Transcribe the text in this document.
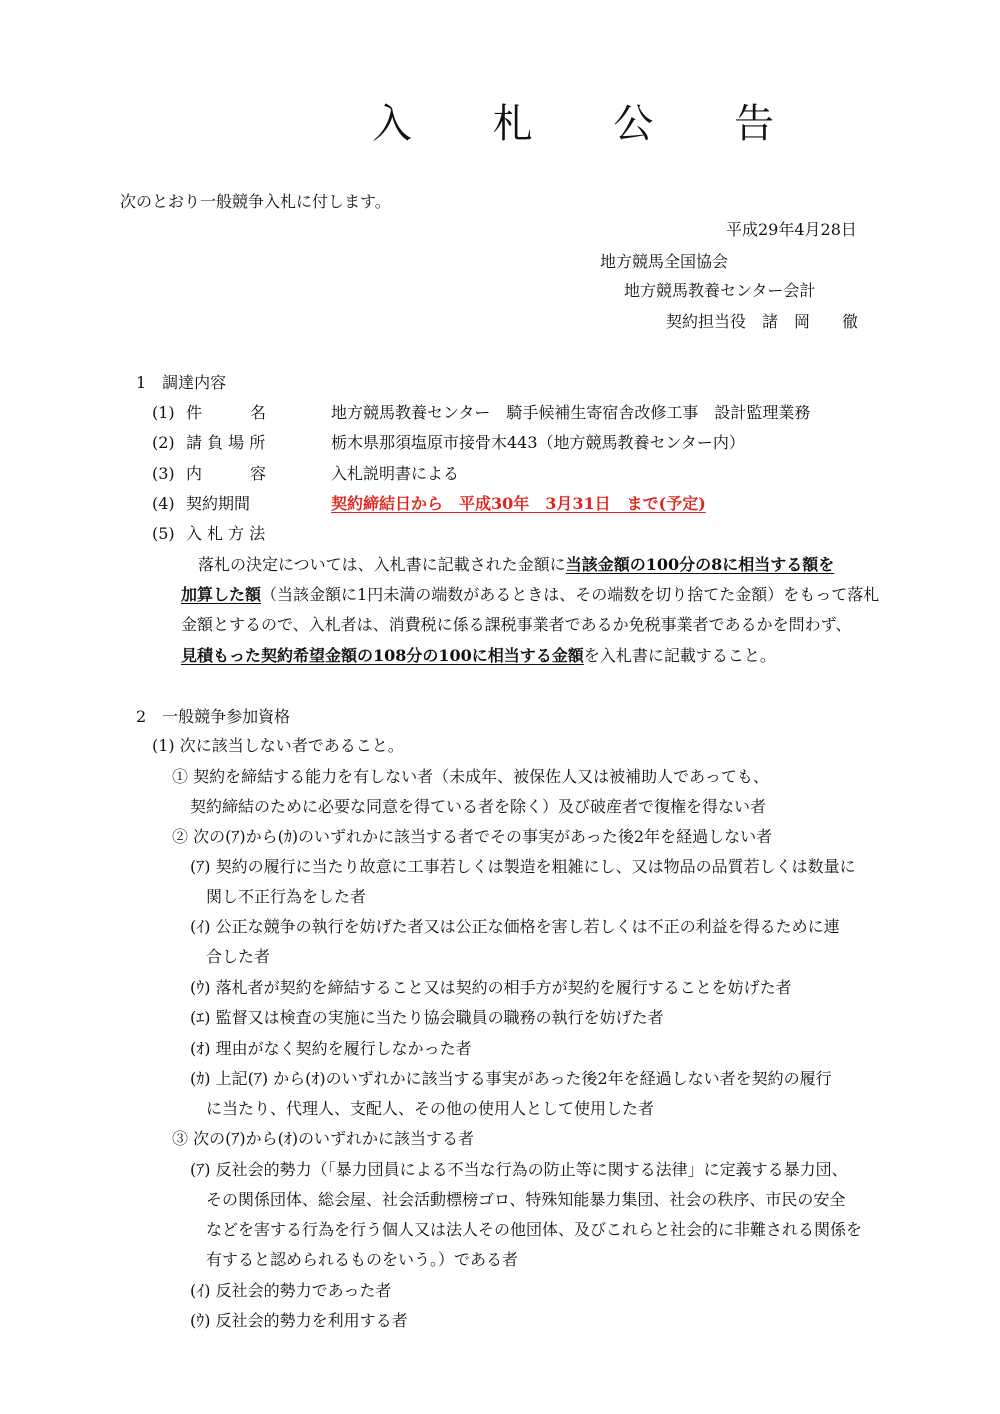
入 札 公 告
次のとおり一般競争入札に付します。
平成29年4月28日
地方競馬全国協会
地方競馬教養センター会計
契約担当役　諸　岡　　徹
1　調達内容
(1) 件　　　名	地方競馬教養センター　騎手候補生寄宿舎改修工事　設計監理業務
(2) 請 負 場 所	栃木県那須塩原市接骨木443（地方競馬教養センター内）
(3) 内　　　容	入札説明書による
(4) 契約期間	契約締結日から　平成30年　3月31日　まで(予定)
(5) 入 札 方 法
落札の決定については、入札書に記載された金額に当該金額の100分の8に相当する額を
加算した額（当該金額に1円未満の端数があるときは、その端数を切り捨てた金額）をもって落札
金額とするので、入札者は、消費税に係る課税事業者であるか免税事業者であるかを問わず、
見積もった契約希望金額の108分の100に相当する金額を入札書に記載すること。
2　一般競争参加資格
(1) 次に該当しない者であること。
① 契約を締結する能力を有しない者（未成年、被保佐人又は被補助人であっても、
契約締結のために必要な同意を得ている者を除く）及び破産者で復権を得ない者
② 次の(ｱ)から(ｶ)のいずれかに該当する者でその事実があった後2年を経過しない者
(ｱ) 契約の履行に当たり故意に工事若しくは製造を粗雑にし、又は物品の品質若しくは数量に
関し不正行為をした者
(ｲ) 公正な競争の執行を妨げた者又は公正な価格を害し若しくは不正の利益を得るために連
合した者
(ｳ) 落札者が契約を締結すること又は契約の相手方が契約を履行することを妨げた者
(ｴ) 監督又は検査の実施に当たり協会職員の職務の執行を妨げた者
(ｵ) 理由がなく契約を履行しなかった者
(ｶ) 上記(ｱ) から(ｵ)のいずれかに該当する事実があった後2年を経過しない者を契約の履行
に当たり、代理人、支配人、その他の使用人として使用した者
③ 次の(ｱ)から(ｵ)のいずれかに該当する者
(ｱ) 反社会的勢力（「暴力団員による不当な行為の防止等に関する法律」に定義する暴力団、
その関係団体、総会屋、社会活動標榜ゴロ、特殊知能暴力集団、社会の秩序、市民の安全
などを害する行為を行う個人又は法人その他団体、及びこれらと社会的に非難される関係を
有すると認められるものをいう。）である者
(ｲ) 反社会的勢力であった者
(ｳ) 反社会的勢力を利用する者
